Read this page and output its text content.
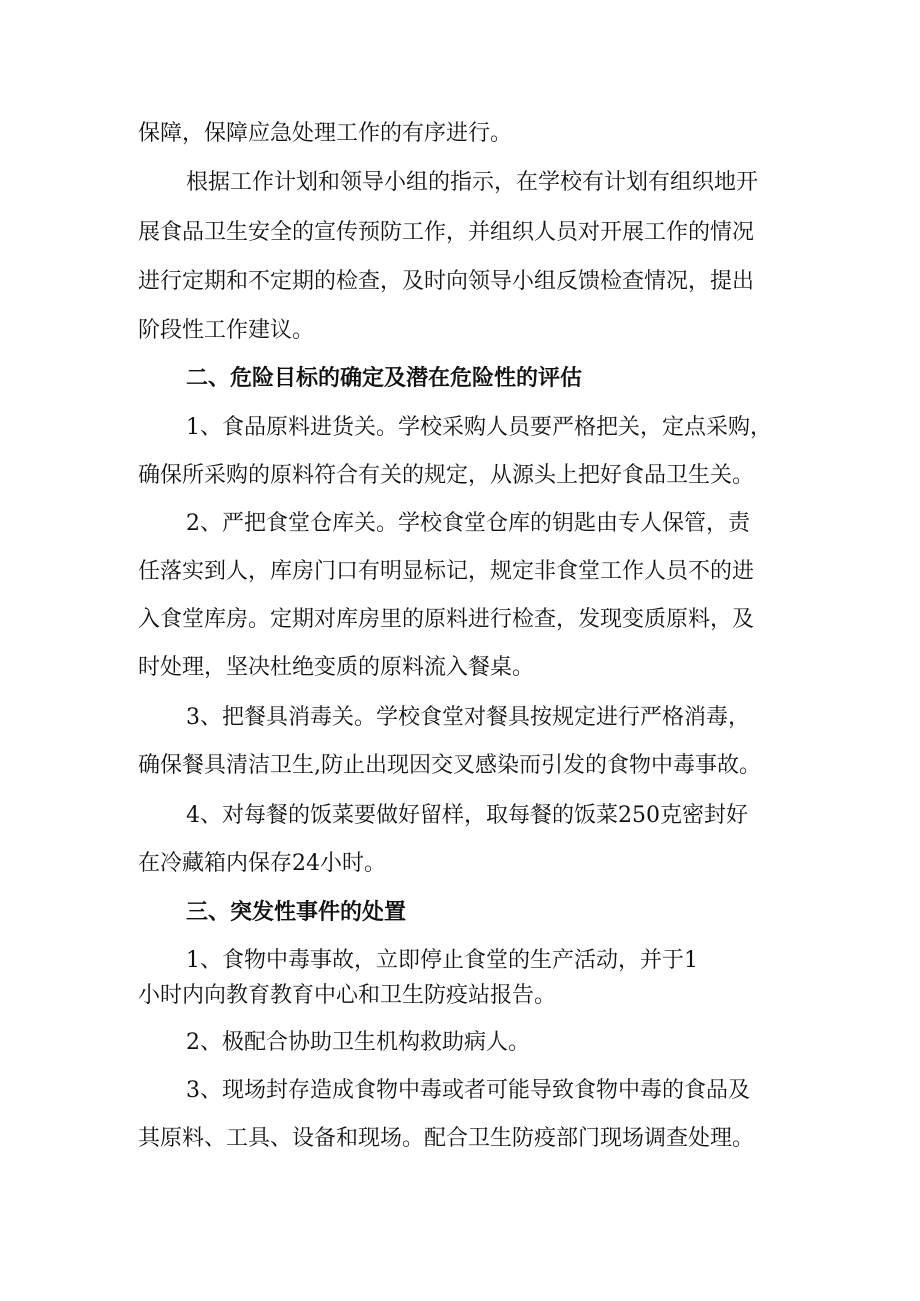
保障，保障应急处理工作的有序进行。
根据工作计划和领导小组的指示，在学校有计划有组织地开
展食品卫生安全的宣传预防工作，并组织人员对开展工作的情况
进行定期和不定期的检查，及时向领导小组反馈检查情况，提出
阶段性工作建议。
二、危险目标的确定及潜在危险性的评估
1、食品原料进货关。学校采购人员要严格把关，定点采购，
确保所采购的原料符合有关的规定，从源头上把好食品卫生关。
2、严把食堂仓库关。学校食堂仓库的钥匙由专人保管，责
任落实到人，库房门口有明显标记，规定非食堂工作人员不的进
入食堂库房。定期对库房里的原料进行检查，发现变质原料，及
时处理，坚决杜绝变质的原料流入餐桌。
3、把餐具消毒关。学校食堂对餐具按规定进行严格消毒，
确保餐具清洁卫生,防止出现因交叉感染而引发的食物中毒事故。
4、对每餐的饭菜要做好留样，取每餐的饭菜250克密封好
在冷藏箱内保存24小时。
三、突发性事件的处置
1、食物中毒事故，立即停止食堂的生产活动，并于1
小时内向教育教育中心和卫生防疫站报告。
2、极配合协助卫生机构救助病人。
3、现场封存造成食物中毒或者可能导致食物中毒的食品及
其原料、工具、设备和现场。配合卫生防疫部门现场调查处理。
